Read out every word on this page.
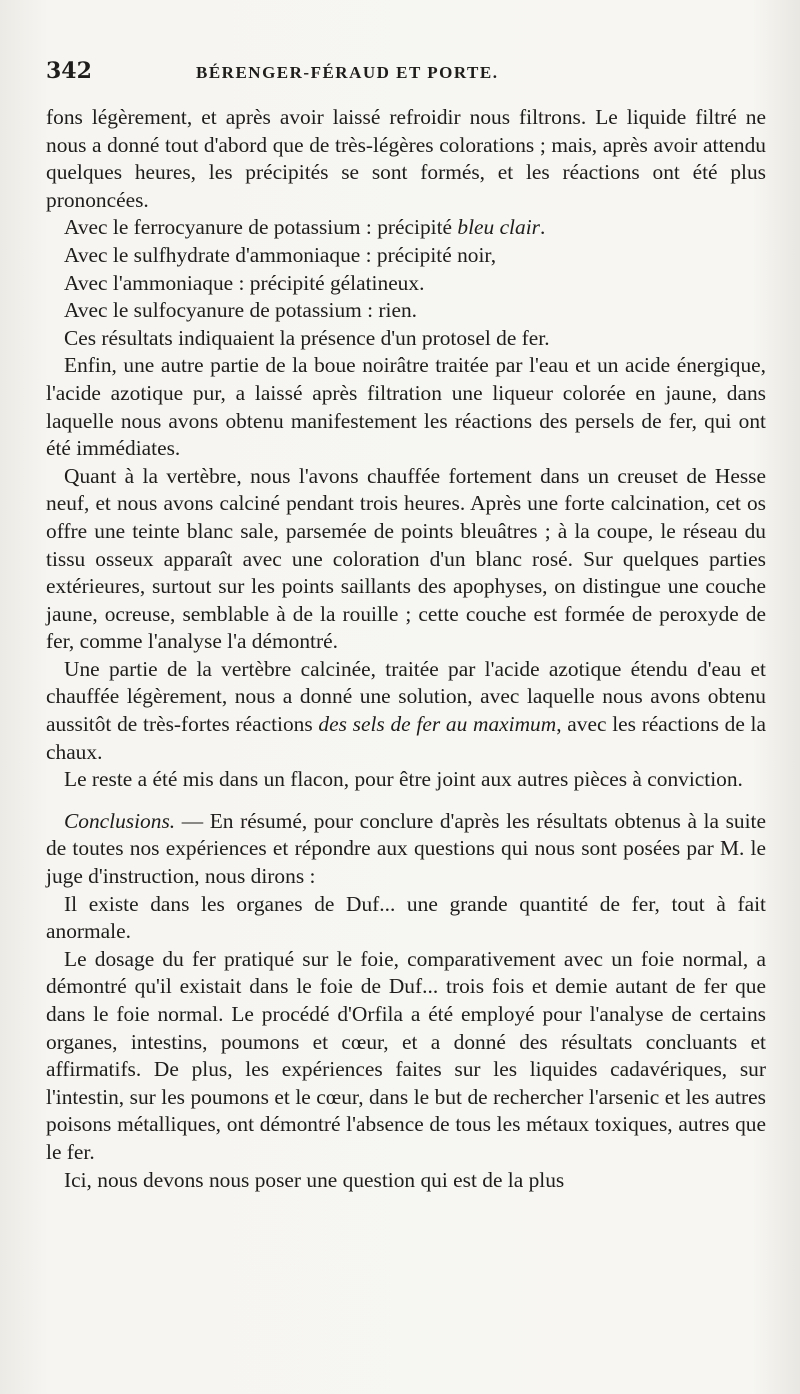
342	BÉRENGER-FÉRAUD ET PORTE.

fons légèrement, et après avoir laissé refroidir nous filtrons. Le liquide filtré ne nous a donné tout d'abord que de très-légères colorations ; mais, après avoir attendu quelques heures, les précipités se sont formés, et les réactions ont été plus prononcées.

Avec le ferrocyanure de potassium : précipité bleu clair.

Avec le sulfhydrate d'ammoniaque : précipité noir,

Avec l'ammoniaque : précipité gélatineux.

Avec le sulfocyanure de potassium : rien.

Ces résultats indiquaient la présence d'un protosel de fer.

Enfin, une autre partie de la boue noirâtre traitée par l'eau et un acide énergique, l'acide azotique pur, a laissé après filtration une liqueur colorée en jaune, dans laquelle nous avons obtenu manifestement les réactions des persels de fer, qui ont été immédiates.

Quant à la vertèbre, nous l'avons chauffée fortement dans un creuset de Hesse neuf, et nous avons calciné pendant trois heures. Après une forte calcination, cet os offre une teinte blanc sale, parsemée de points bleuâtres ; à la coupe, le réseau du tissu osseux apparaît avec une coloration d'un blanc rosé. Sur quelques parties extérieures, surtout sur les points saillants des apophyses, on distingue une couche jaune, ocreuse, semblable à de la rouille ; cette couche est formée de peroxyde de fer, comme l'analyse l'a démontré.

Une partie de la vertèbre calcinée, traitée par l'acide azotique étendu d'eau et chauffée légèrement, nous a donné une solution, avec laquelle nous avons obtenu aussitôt de très-fortes réactions des sels de fer au maximum, avec les réactions de la chaux.

Le reste a été mis dans un flacon, pour être joint aux autres pièces à conviction.

Conclusions. — En résumé, pour conclure d'après les résultats obtenus à la suite de toutes nos expériences et répondre aux questions qui nous sont posées par M. le juge d'instruction, nous dirons :

Il existe dans les organes de Duf... une grande quantité de fer, tout à fait anormale.

Le dosage du fer pratiqué sur le foie, comparativement avec un foie normal, a démontré qu'il existait dans le foie de Duf... trois fois et demie autant de fer que dans le foie normal. Le procédé d'Orfila a été employé pour l'analyse de certains organes, intestins, poumons et cœur, et a donné des résultats concluants et affirmatifs. De plus, les expériences faites sur les liquides cadavériques, sur l'intestin, sur les poumons et le cœur, dans le but de rechercher l'arsenic et les autres poisons métalliques, ont démontré l'absence de tous les métaux toxiques, autres que le fer.

Ici, nous devons nous poser une question qui est de la plus
